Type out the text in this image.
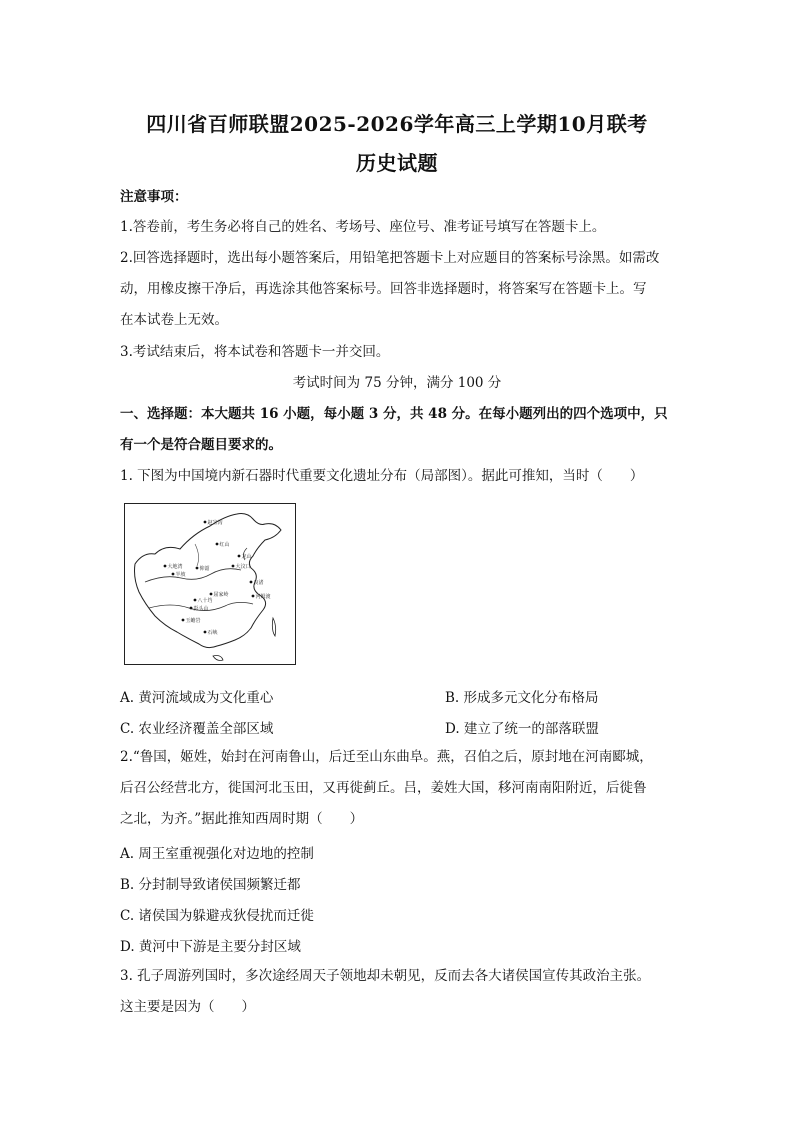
四川省百师联盟2025-2026学年高三上学期10月联考
历史试题
注意事项：
1.答卷前，考生务必将自己的姓名、考场号、座位号、准考证号填写在答题卡上。
2.回答选择题时，选出每小题答案后，用铅笔把答题卡上对应题目的答案标号涂黑。如需改
动，用橡皮擦干净后，再选涂其他答案标号。回答非选择题时，将答案写在答题卡上。写
在本试卷上无效。
3.考试结束后，将本试卷和答题卡一并交回。
考试时间为 75 分钟，满分 100 分
一、选择题：本大题共 16 小题，每小题 3 分，共 48 分。在每小题列出的四个选项中，只
有一个是符合题目要求的。
1. 下图为中国境内新石器时代重要文化遗址分布（局部图）。据此可推知，当时（　　）
赵宝沟
红山
大地湾
半坡
仰韶	大汶口
龙山
良渚
河姆渡
屈家岭
石峡
八十垱
彭头山
玉蟾岩
A. 黄河流域成为文化重心	B. 形成多元文化分布格局
C. 农业经济覆盖全部区域	D. 建立了统一的部落联盟
2.“鲁国，姬姓，始封在河南鲁山，后迁至山东曲阜。燕，召伯之后，原封地在河南郾城，
后召公经营北方，徙国河北玉田，又再徙蓟丘。吕，姜姓大国，移河南南阳附近，后徙鲁
之北，为齐。”据此推知西周时期（　　）
A. 周王室重视强化对边地的控制
B. 分封制导致诸侯国频繁迁都
C. 诸侯国为躲避戎狄侵扰而迁徙
D. 黄河中下游是主要分封区域
3. 孔子周游列国时，多次途经周天子领地却未朝见，反而去各大诸侯国宣传其政治主张。
这主要是因为（　　）
